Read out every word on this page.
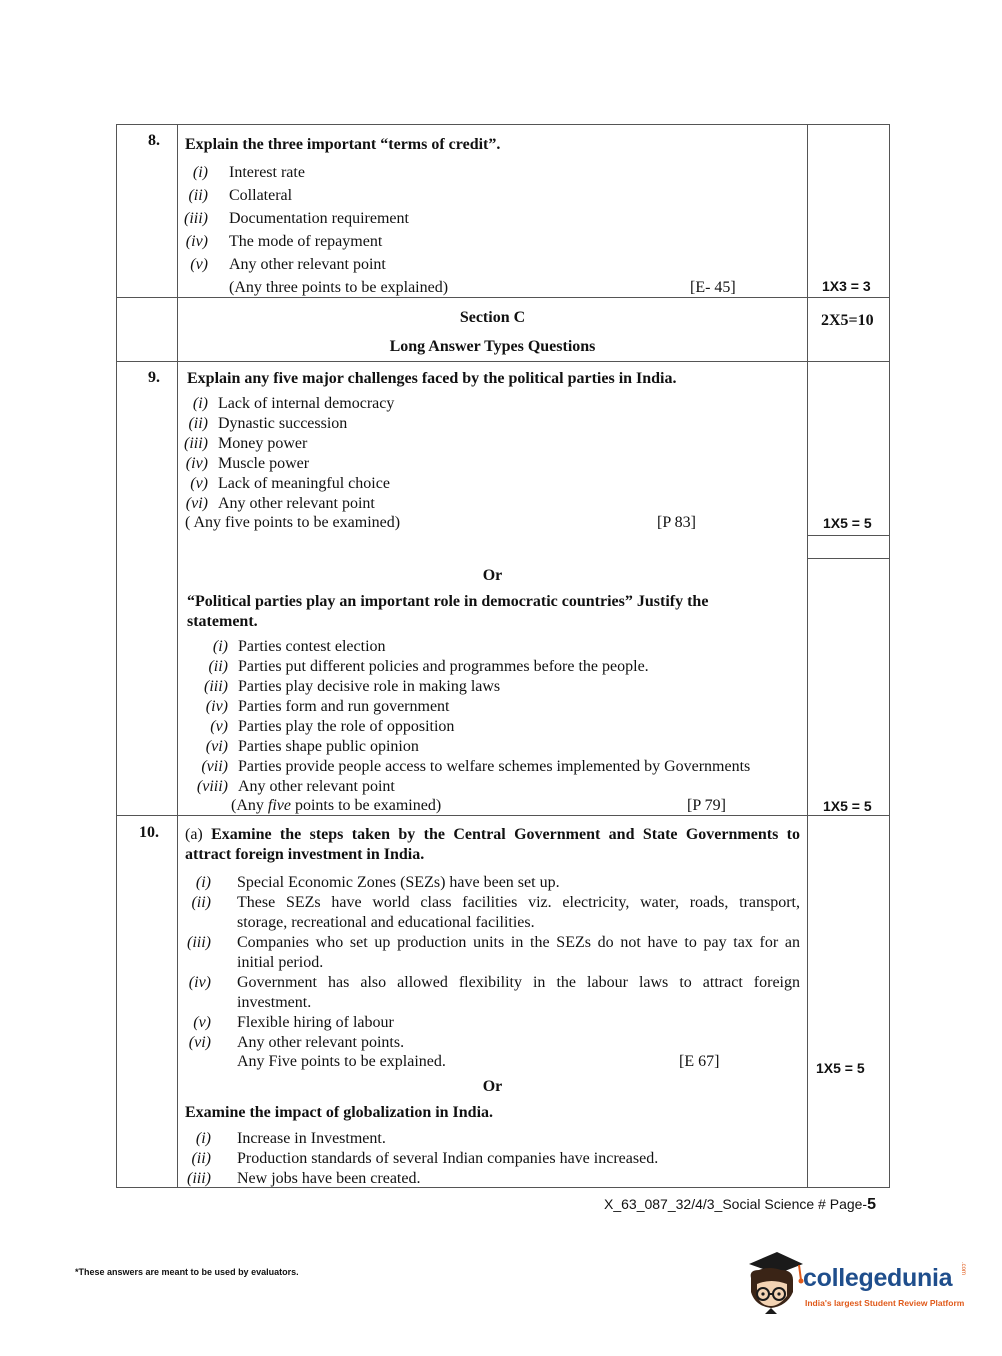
8. Explain the three important “terms of credit”.
(i) Interest rate
(ii) Collateral
(iii) Documentation requirement
(iv) The mode of repayment
(v) Any other relevant point
(Any three points to be explained)	[E- 45]	1X3 = 3
Section C
Long Answer Types Questions
2X5=10
9. Explain any five major challenges faced by the political parties in India.
(i) Lack of internal democracy
(ii) Dynastic succession
(iii) Money power
(iv) Muscle power
(v) Lack of meaningful choice
(vi) Any other relevant point
( Any five points to be examined)	[P 83]	1X5 = 5
Or
“Political parties play an important role in democratic countries” Justify the
statement.
(i) Parties contest election
(ii) Parties put different policies and programmes before the people.
(iii) Parties play decisive role in making laws
(iv) Parties form and run government
(v) Parties play the role of opposition
(vi) Parties shape public opinion
(vii) Parties provide people access to welfare schemes implemented by Governments
(viii) Any other relevant point
(Any five points to be examined)	[P 79]	1X5 = 5
10. (a) Examine the steps taken by the Central Government and State Governments to
attract foreign investment in India.
(i) Special Economic Zones (SEZs) have been set up.
(ii) These SEZs have world class facilities viz. electricity, water, roads, transport,
storage, recreational and educational facilities.
(iii) Companies who set up production units in the SEZs do not have to pay tax for an
initial period.
(iv) Government has also allowed flexibility in the labour laws to attract foreign
investment.
(v) Flexible hiring of labour
(vi) Any other relevant points.
Any Five points to be explained.	[E 67]	1X5 = 5
Or
Examine the impact of globalization in India.
(i) Increase in Investment.
(ii) Production standards of several Indian companies have increased.
(iii) New jobs have been created.
X_63_087_32/4/3_Social Science # Page-5
*These answers are meant to be used by evaluators.	collegedunia .com
India's largest Student Review Platform
